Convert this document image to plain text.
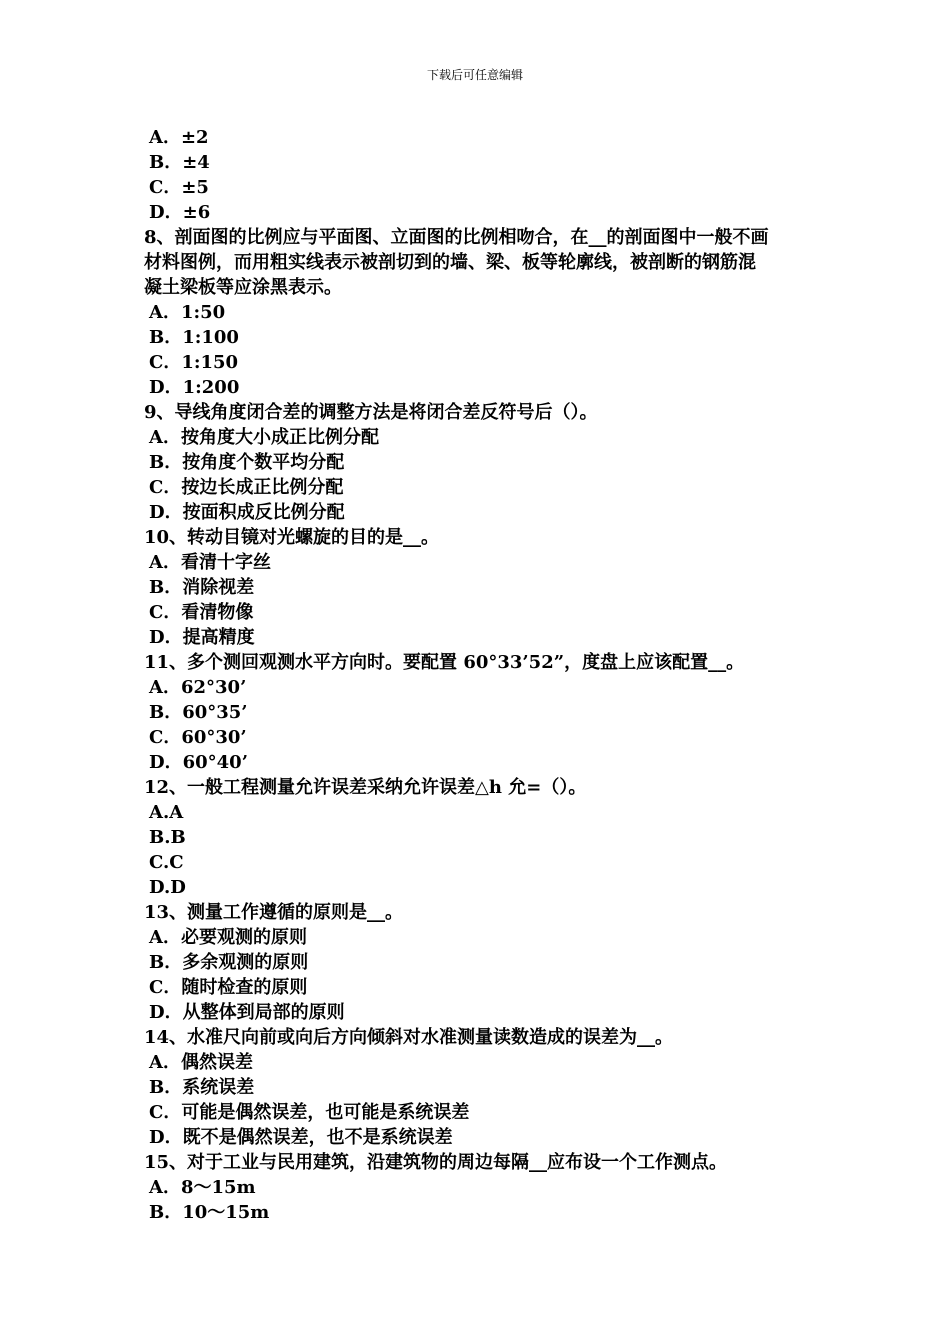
下载后可任意编辑
A．±2
B．±4
C．±5
D．±6
8、剖面图的比例应与平面图、立面图的比例相吻合，在__的剖面图中一般不画
材料图例，而用粗实线表示被剖切到的墙、梁、板等轮廓线，被剖断的钢筋混
凝土梁板等应涂黑表示。
A．1:50
B．1:100
C．1:150
D．1:200
9、导线角度闭合差的调整方法是将闭合差反符号后（）。
A．按角度大小成正比例分配
B．按角度个数平均分配
C．按边长成正比例分配
D．按面积成反比例分配
10、转动目镜对光螺旋的目的是__。
A．看清十字丝
B．消除视差
C．看清物像
D．提高精度
11、多个测回观测水平方向时。要配置 60°33’52”，度盘上应该配置__。
A．62°30’
B．60°35’
C．60°30’
D．60°40’
12、一般工程测量允许误差采纳允许误差△h 允=（）。
A.A
B.B
C.C
D.D
13、测量工作遵循的原则是__。
A．必要观测的原则
B．多余观测的原则
C．随时检查的原则
D．从整体到局部的原则
14、水准尺向前或向后方向倾斜对水准测量读数造成的误差为__。
A．偶然误差
B．系统误差
C．可能是偶然误差，也可能是系统误差
D．既不是偶然误差，也不是系统误差
15、对于工业与民用建筑，沿建筑物的周边每隔__应布设一个工作测点。
A．8～15m
B．10～15m
